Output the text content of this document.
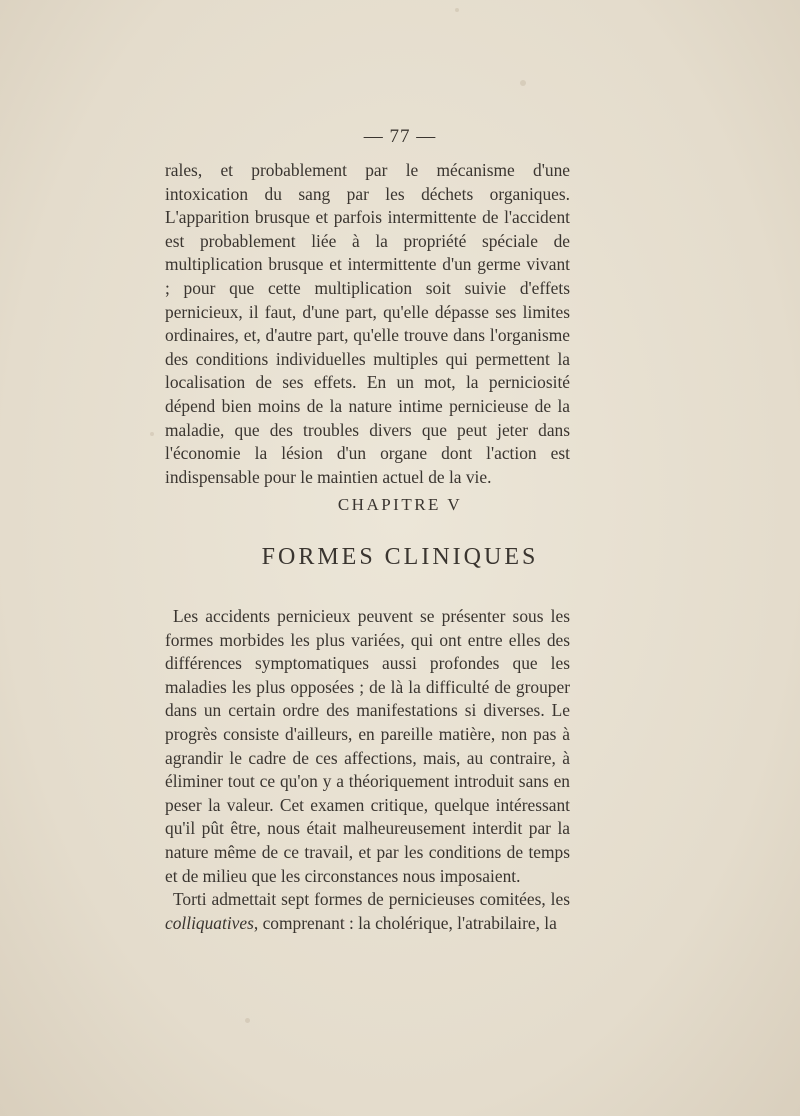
— 77 —

rales, et probablement par le mécanisme d'une intoxication du sang par les déchets organiques. L'apparition brusque et parfois intermittente de l'accident est probablement liée à la propriété spéciale de multiplication brusque et intermittente d'un germe vivant ; pour que cette multiplication soit suivie d'effets pernicieux, il faut, d'une part, qu'elle dépasse ses limites ordinaires, et, d'autre part, qu'elle trouve dans l'organisme des conditions individuelles multiples qui permettent la localisation de ses effets. En un mot, la perniciosité dépend bien moins de la nature intime pernicieuse de la maladie, que des troubles divers que peut jeter dans l'économie la lésion d'un organe dont l'action est indispensable pour le maintien actuel de la vie.

CHAPITRE V
FORMES CLINIQUES

Les accidents pernicieux peuvent se présenter sous les formes morbides les plus variées, qui ont entre elles des différences symptomatiques aussi profondes que les maladies les plus opposées ; de là la difficulté de grouper dans un certain ordre des manifestations si diverses. Le progrès consiste d'ailleurs, en pareille matière, non pas à agrandir le cadre de ces affections, mais, au contraire, à éliminer tout ce qu'on y a théoriquement introduit sans en peser la valeur. Cet examen critique, quelque intéressant qu'il pût être, nous était malheureusement interdit par la nature même de ce travail, et par les conditions de temps et de milieu que les circonstances nous imposaient.

Torti admettait sept formes de pernicieuses comitées, les colliquatives, comprenant : la cholérique, l'atrabilaire, la
